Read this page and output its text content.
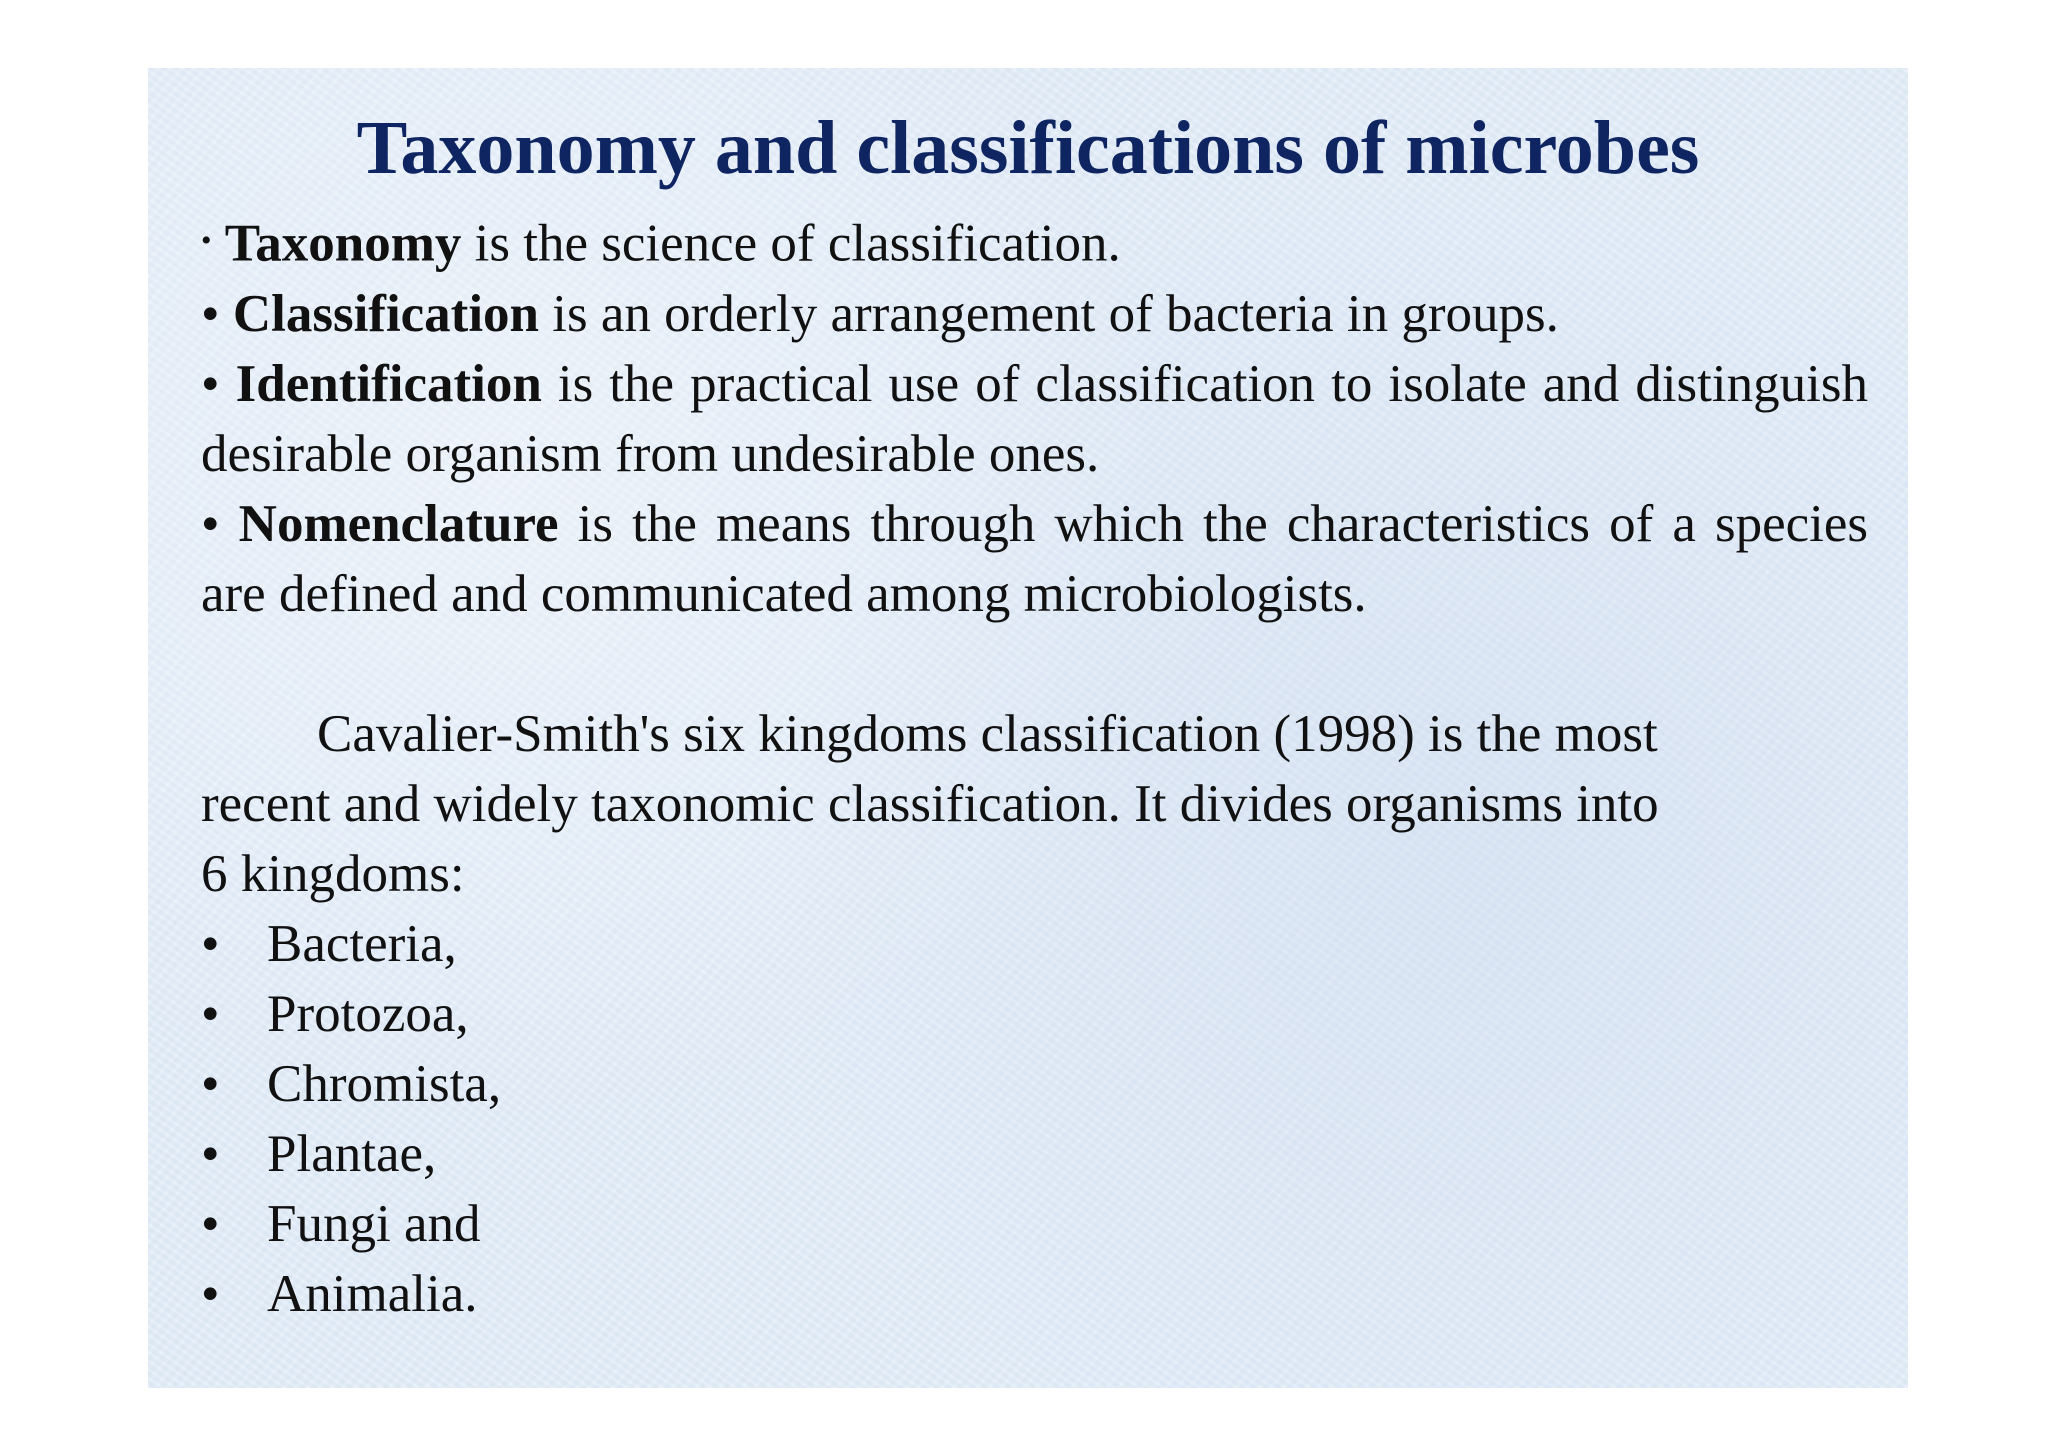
Taxonomy and classifications of microbes

• Taxonomy is the science of classification.

• Classification is an orderly arrangement of bacteria in groups.

• Identification is the practical use of classification to isolate and distinguish desirable organism from undesirable ones.

• Nomenclature is the means through which the characteristics of a species are defined and communicated among microbiologists.

Cavalier-Smith's six kingdoms classification (1998) is the most

recent and widely taxonomic classification. It divides organisms into

6 kingdoms:

• Bacteria,
• Protozoa,
• Chromista,
• Plantae,
• Fungi and
• Animalia.
